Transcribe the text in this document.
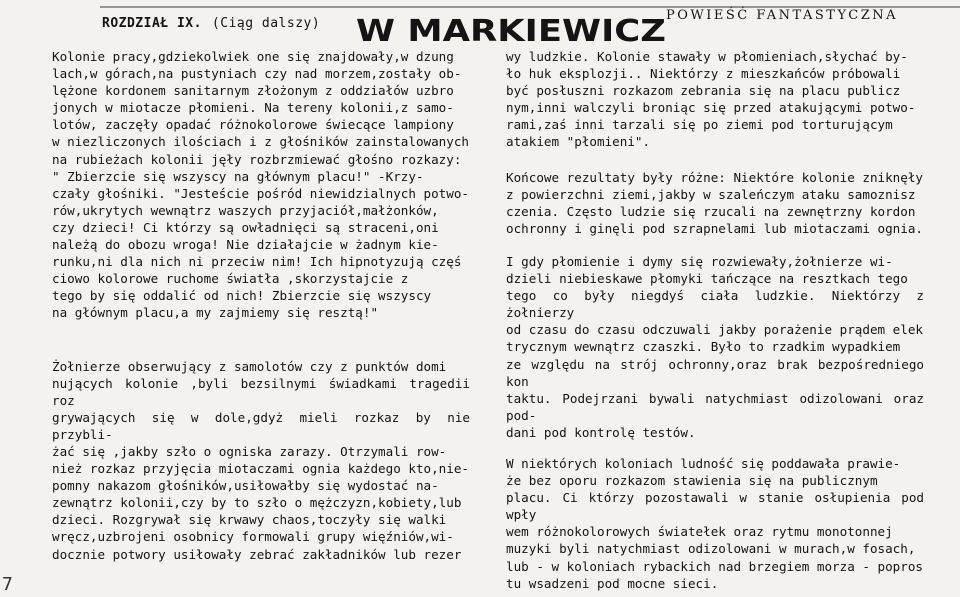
ROZDZIAŁ IX. (Ciąg dalszy) W MARKIEWICZ POWIEŚĆ FANTASTYCZNA

Kolonie pracy,gdziekolwiek one się znajdowały,w dzung
lach,w górach,na pustyniach czy nad morzem,zostały ob-
lężone kordonem sanitarnym złożonym z oddziałów uzbro
jonych w miotacze płomieni. Na tereny kolonii,z samo-
lotów, zaczęły opadać różnokolorowe świecące lampiony
w niezliczonych ilościach i z głośników zainstalowanych
na rubieżach kolonii jęły rozbrzmiewać głośno rozkazy:
" Zbierzcie się wszyscy na głównym placu!" -Krzy-
czały głośniki. "Jesteście pośród niewidzialnych potwo-
rów,ukrytych wewnątrz waszych przyjaciół,małżonków,
czy dzieci! Ci którzy są owładnięci są straceni,oni
należą do obozu wroga! Nie działajcie w żadnym kie-
runku,ni dla nich ni przeciw nim! Ich hipnotyzują częś
ciowo kolorowe ruchome światła ,skorzystajcie z
tego by się oddalić od nich! Zbierzcie się wszyscy
na głównym placu,a my zajmiemy się resztą!"

Żołnierze obserwujący z samolotów czy z punktów domi
nujących kolonie ,byli bezsilnymi świadkami tragedii roz
grywających się w dole,gdyż mieli rozkaz by nie przybli-
żać się ,jakby szło o ogniska zarazy. Otrzymali row-
nież rozkaz przyjęcia miotaczami ognia każdego kto,nie-
pomny nakazom głośników,usiłowałby się wydostać na-
zewnątrz kolonii,czy by to szło o mężczyzn,kobiety,lub
dzieci. Rozgrywał się krwawy chaos,toczyły się walki
wręcz,uzbrojeni osobnicy formowali grupy więźniów,wi-
docznie potwory usiłowały zebrać zakładników lub rezer

wy ludzkie. Kolonie stawały w płomieniach,słychać by-
ło huk eksplozji.. Niektórzy z mieszkańców próbowali
być posłuszni rozkazom zebrania się na placu publicz
nym,inni walczyli broniąc się przed atakującymi potwo-
rami,zaś inni tarzali się po ziemi pod torturującym
atakiem "płomieni".

Końcowe rezultaty były różne: Niektóre kolonie zniknęły
z powierzchni ziemi,jakby w szaleńczym ataku samoznisz
czenia. Często ludzie się rzucali na zewnętrzny kordon
ochronny i ginęli pod szrapnelami lub miotaczami ognia.

I gdy płomienie i dymy się rozwiewały,żołnierze wi-
dzieli niebieskawe płomyki tańczące na resztkach tego
tego co były niegdyś ciała ludzkie. Niektórzy z żołnierzy
od czasu do czasu odczuwali jakby porażenie prądem elek
trycznym wewnątrz czaszki. Było to rzadkim wypadkiem
ze względu na strój ochronny,oraz brak bezpośredniego kon
taktu. Podejrzani bywali natychmiast odizolowani oraz pod-
dani pod kontrolę testów.

W niektórych koloniach ludność się poddawała prawie-
że bez oporu rozkazom stawienia się na publicznym
placu. Ci którzy pozostawali w stanie osłupienia pod wpły
wem różnokolorowych światełek oraz rytmu monotonnej
muzyki byli natychmiast odizolowani w murach,w fosach,
lub - w koloniach rybackich nad brzegiem morza - popros
tu wsadzeni pod mocne sieci.

7
